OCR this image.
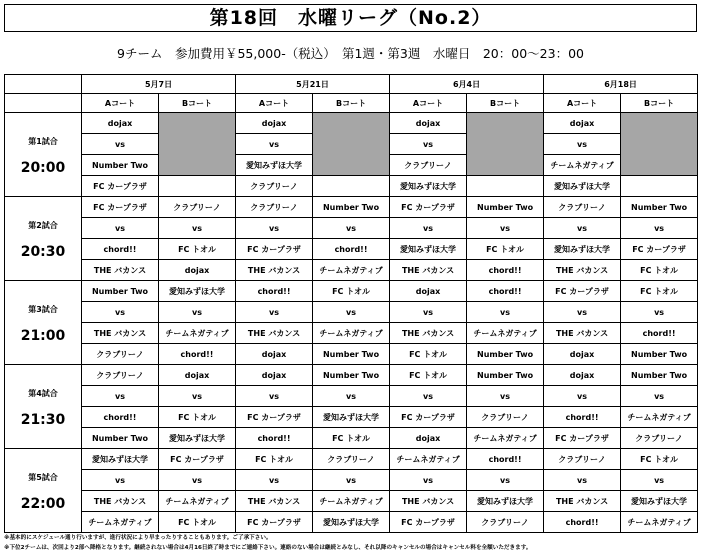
第18回　水曜リーグ（No.2）
9チーム　参加費用￥55,000-（税込）　第1週・第3週　水曜日　20：00〜23：00
	5月7日		5月21日		6月4日		6月18日	
	Aコート	Bコート	Aコート	Bコート	Aコート	Bコート	Aコート	Bコート

第1試合
20:00	dojax		dojax		dojax		dojax	
	vs		vs		vs		vs	
	Number Two		愛知みずほ大学		クラブリーノ		チームネガティブ	
	FC カープラザ		クラブリーノ		愛知みずほ大学		愛知みずほ大学	

第2試合
20:30	FC カープラザ	クラブリーノ	クラブリーノ	Number Two	FC カープラザ	Number Two	クラブリーノ	Number Two
	vs	vs	vs	vs	vs	vs	vs	vs
	chord!!	FC トオル	FC カープラザ	chord!!	愛知みずほ大学	FC トオル	愛知みずほ大学	FC カープラザ
	THE バカンス	dojax	THE バカンス	チームネガティブ	THE バカンス	chord!!	THE バカンス	FC トオル

第3試合
21:00	Number Two	愛知みずほ大学	chord!!	FC トオル	dojax	chord!!	FC カープラザ	FC トオル
	vs	vs	vs	vs	vs	vs	vs	vs
	THE バカンス	チームネガティブ	THE バカンス	チームネガティブ	THE バカンス	チームネガティブ	THE バカンス	chord!!
	クラブリーノ	chord!!	dojax	Number Two	FC トオル	Number Two	dojax	Number Two

第4試合
21:30	クラブリーノ	dojax	dojax	Number Two	FC トオル	Number Two	dojax	Number Two
	vs	vs	vs	vs	vs	vs	vs	vs
	chord!!	FC トオル	FC カープラザ	愛知みずほ大学	FC カープラザ	クラブリーノ	chord!!	チームネガティブ
	Number Two	愛知みずほ大学	chord!!	FC トオル	dojax	チームネガティブ	FC カープラザ	クラブリーノ

第5試合
22:00	愛知みずほ大学	FC カープラザ	FC トオル	クラブリーノ	チームネガティブ	chord!!	クラブリーノ	FC トオル
	vs	vs	vs	vs	vs	vs	vs	vs
	THE バカンス	チームネガティブ	THE バカンス	チームネガティブ	THE バカンス	愛知みずほ大学	THE バカンス	愛知みずほ大学
	チームネガティブ	FC トオル	FC カープラザ	愛知みずほ大学	FC カープラザ	クラブリーノ	chord!!	チームネガティブ
※基本的にスケジュール通り行いますが、進行状況により早まったりすることもあります。ご了承下さい。
※下位2チームは、次回より2部へ降格となります。継続されない場合は4月16日終了時までにご連絡下さい。連絡のない場合は継続とみなし、それ以降のキャンセルの場合はキャンセル料を全額いただきます。
